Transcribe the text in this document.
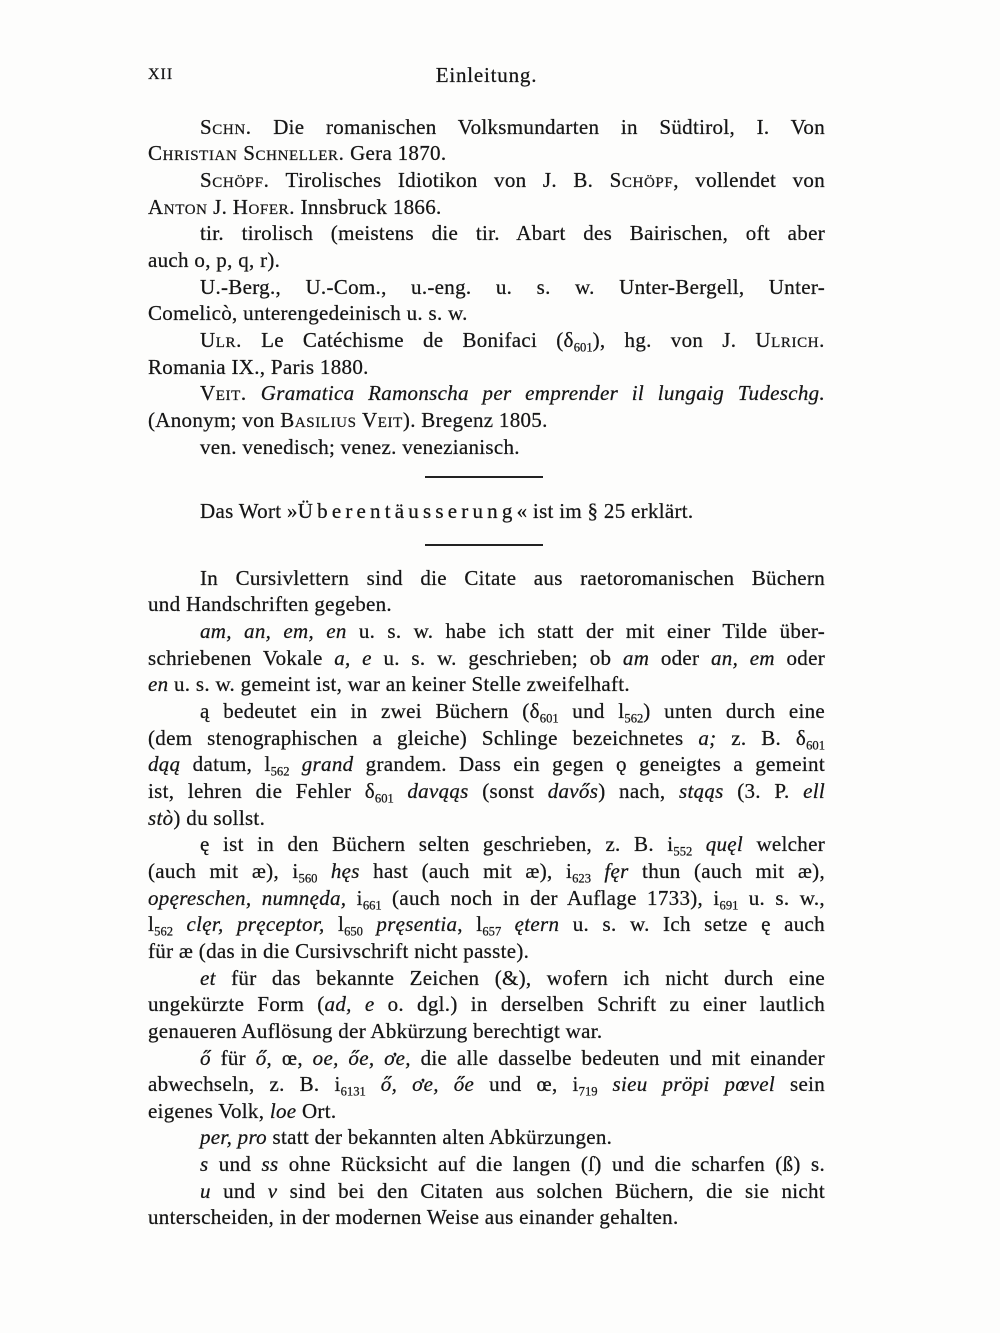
XII	Einleitung.
Schn. Die romanischen Volksmundarten in Südtirol, I. Von
Christian Schneller. Gera 1870.
Schöpf. Tirolisches Idiotikon von J. B. Schöpf, vollendet von
Anton J. Hofer. Innsbruck 1866.
tir. tirolisch (meistens die tir. Abart des Bairischen, oft aber
auch o, p, q, r).
U.-Berg., U.-Com., u.-eng. u. s. w. Unter-Bergell, Unter-
Comelicò, unterengedeinisch u. s. w.
Ulr. Le Catéchisme de Bonifaci $(\delta_{601})$, hg. von J. Ulrich.
Romania IX., Paris 1880.
Veit. Gramatica Ramonscha per emprender il lungaig Tudeschg.
(Anonym; von Basilius Veit). Bregenz 1805.
ven. venedisch; venez. venezianisch.
Das Wort »Überentäusserung« ist im § 25 erklärt.
In Cursivlettern sind die Citate aus raetoromanischen Büchern
und Handschriften gegeben.
am, an, em, en u. s. w. habe ich statt der mit einer Tilde über-
schriebenen Vokale a, e u. s. w. geschrieben; ob am oder an, em oder
en u. s. w. gemeint ist, war an keiner Stelle zweifelhaft.
ą bedeutet ein in zwei Büchern ($\delta_{601}$ und $l_{562}$) unten durch eine
(dem stenographischen a gleiche) Schlinge bezeichnetes a; z. B. $\delta_{601}$
dąą datum, $l_{562}$ grand grandem. Dass ein gegen ǫ geneigtes a gemeint
ist, lehren die Fehler $\delta_{601}$ davąąs (sonst davős) nach, stąąs (3. P. ell
stò) du sollst.
ę ist in den Büchern selten geschrieben, z. B. $i_{552}$ quęl welcher
(auch mit æ), $i_{560}$ hęs hast (auch mit æ), $i_{623}$ fęr thun (auch mit æ),
opęreschen, numnęda, $i_{661}$ (auch noch in der Auflage 1733), $i_{691}$ u. s. w.,
$l_{562}$ clęr, pręceptor, $l_{650}$ pręsentia, $l_{657}$ ętern u. s. w. Ich setze ę auch
für æ (das in die Cursivschrift nicht passte).
et für das bekannte Zeichen (&), wofern ich nicht durch eine
ungekürzte Form (ad, e o. dgl.) in derselben Schrift zu einer lautlich
genaueren Auflösung der Abkürzung berechtigt war.
ő für ő, œ, oe, őe, ơe, die alle dasselbe bedeuten und mit einander
abwechseln, z. B. $i_{6131}$ ő, ơe, őe und œ, $i_{719}$ sieu pröpi pœvel sein
eigenes Volk, loe Ort.
per, pro statt der bekannten alten Abkürzungen.
s und ss ohne Rücksicht auf die langen (ſ) und die scharfen (ß) s.
u und v sind bei den Citaten aus solchen Büchern, die sie nicht
unterscheiden, in der modernen Weise aus einander gehalten.
